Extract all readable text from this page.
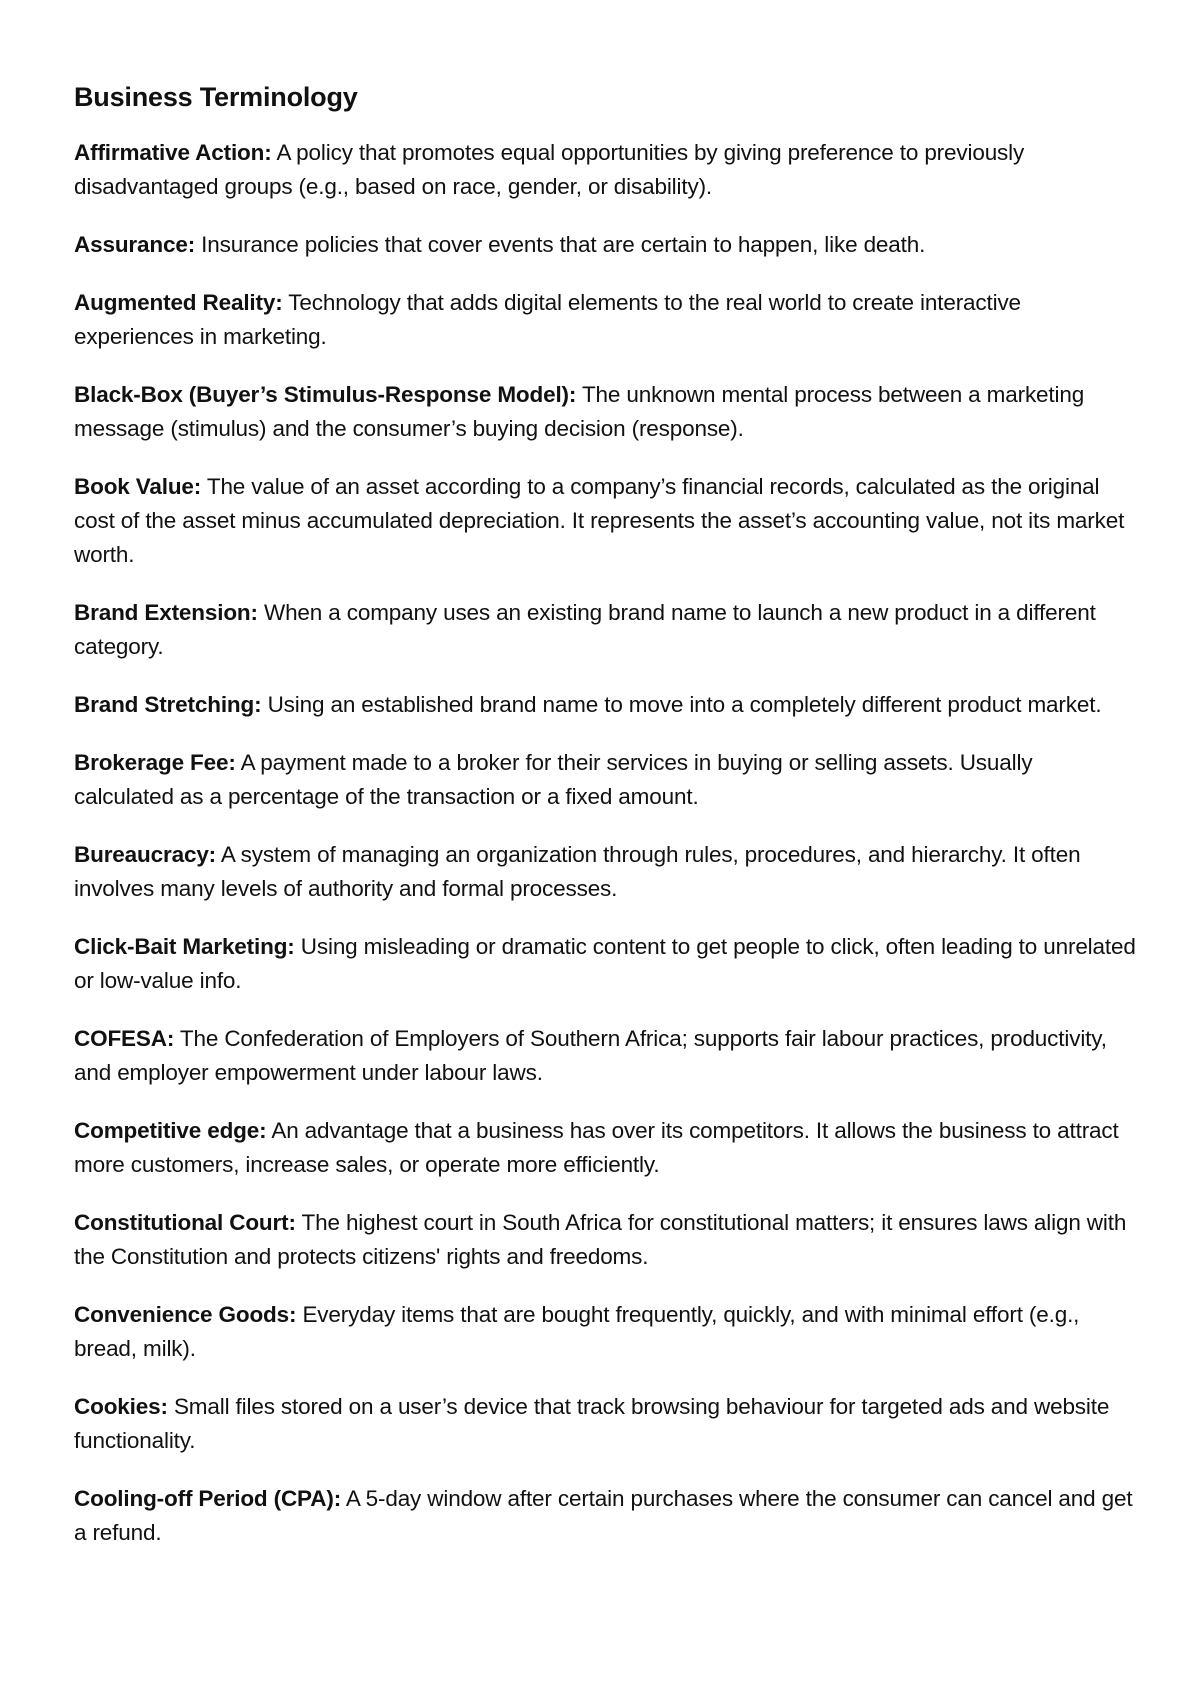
Business Terminology

Affirmative Action: A policy that promotes equal opportunities by giving preference to previously disadvantaged groups (e.g., based on race, gender, or disability).

Assurance: Insurance policies that cover events that are certain to happen, like death.

Augmented Reality: Technology that adds digital elements to the real world to create interactive experiences in marketing.

Black-Box (Buyer’s Stimulus-Response Model): The unknown mental process between a marketing message (stimulus) and the consumer’s buying decision (response).

Book Value: The value of an asset according to a company’s financial records, calculated as the original cost of the asset minus accumulated depreciation. It represents the asset’s accounting value, not its market worth.

Brand Extension: When a company uses an existing brand name to launch a new product in a different category.

Brand Stretching: Using an established brand name to move into a completely different product market.

Brokerage Fee: A payment made to a broker for their services in buying or selling assets. Usually calculated as a percentage of the transaction or a fixed amount.

Bureaucracy: A system of managing an organization through rules, procedures, and hierarchy. It often involves many levels of authority and formal processes.

Click-Bait Marketing: Using misleading or dramatic content to get people to click, often leading to unrelated or low-value info.

COFESA: The Confederation of Employers of Southern Africa; supports fair labour practices, productivity, and employer empowerment under labour laws.

Competitive edge: An advantage that a business has over its competitors. It allows the business to attract more customers, increase sales, or operate more efficiently.

Constitutional Court: The highest court in South Africa for constitutional matters; it ensures laws align with the Constitution and protects citizens' rights and freedoms.

Convenience Goods: Everyday items that are bought frequently, quickly, and with minimal effort (e.g., bread, milk).

Cookies: Small files stored on a user’s device that track browsing behaviour for targeted ads and website functionality.

Cooling-off Period (CPA): A 5-day window after certain purchases where the consumer can cancel and get a refund.
